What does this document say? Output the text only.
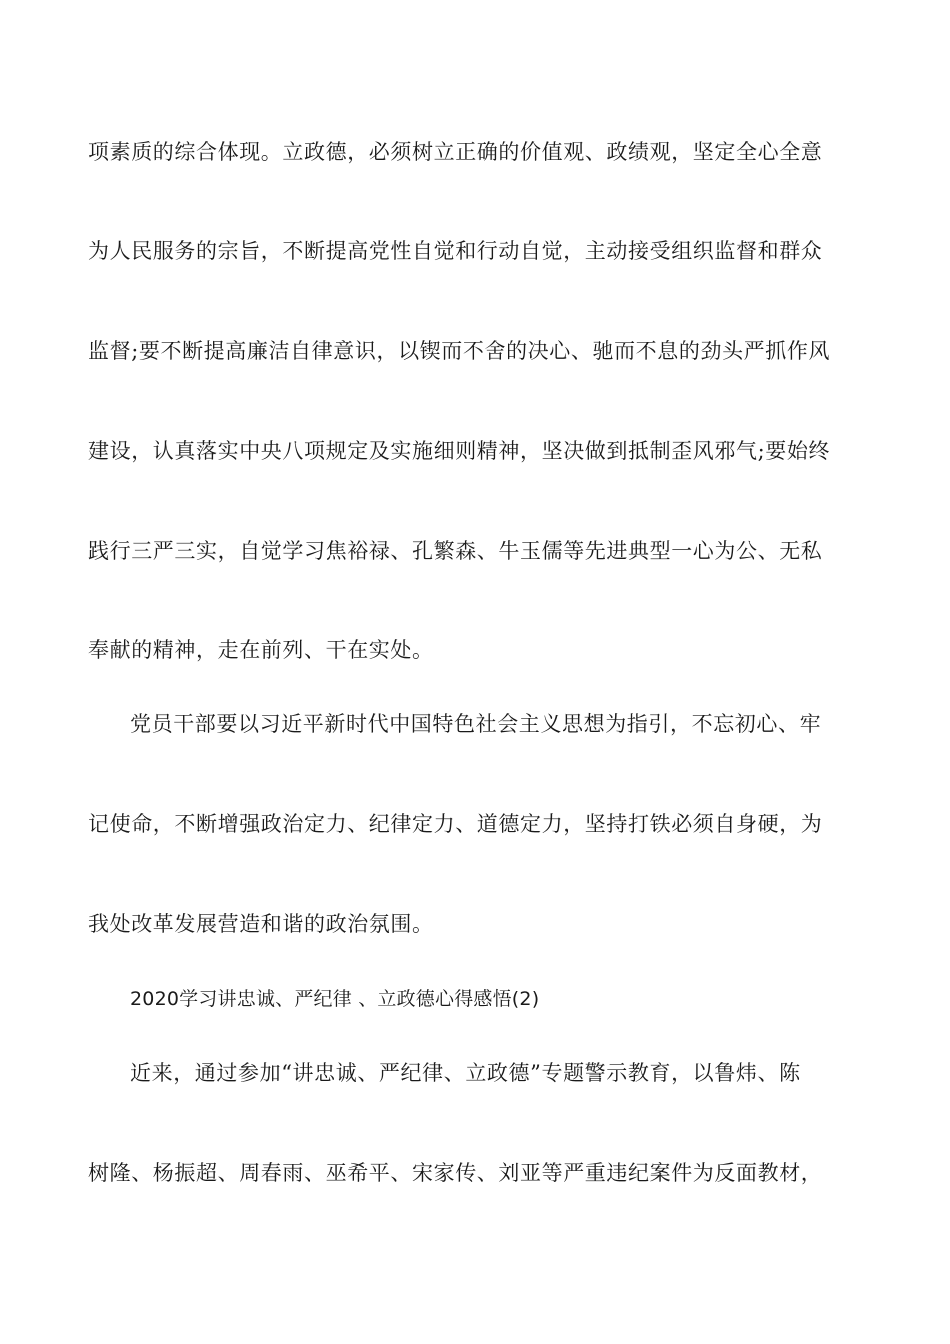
项素质的综合体现。立政德，必须树立正确的价值观、政绩观，坚定全心全意
为人民服务的宗旨，不断提高党性自觉和行动自觉，主动接受组织监督和群众
监督;要不断提高廉洁自律意识，以锲而不舍的决心、驰而不息的劲头严抓作风
建设，认真落实中央八项规定及实施细则精神，坚决做到抵制歪风邪气;要始终
践行三严三实，自觉学习焦裕禄、孔繁森、牛玉儒等先进典型一心为公、无私
奉献的精神，走在前列、干在实处。
党员干部要以习近平新时代中国特色社会主义思想为指引，不忘初心、牢
记使命，不断增强政治定力、纪律定力、道德定力，坚持打铁必须自身硬，为
我处改革发展营造和谐的政治氛围。
2020学习讲忠诚、严纪律 、立政德心得感悟(2)
近来，通过参加“讲忠诚、严纪律、立政德”专题警示教育，以鲁炜、陈
树隆、杨振超、周春雨、巫希平、宋家传、刘亚等严重违纪案件为反面教材，
